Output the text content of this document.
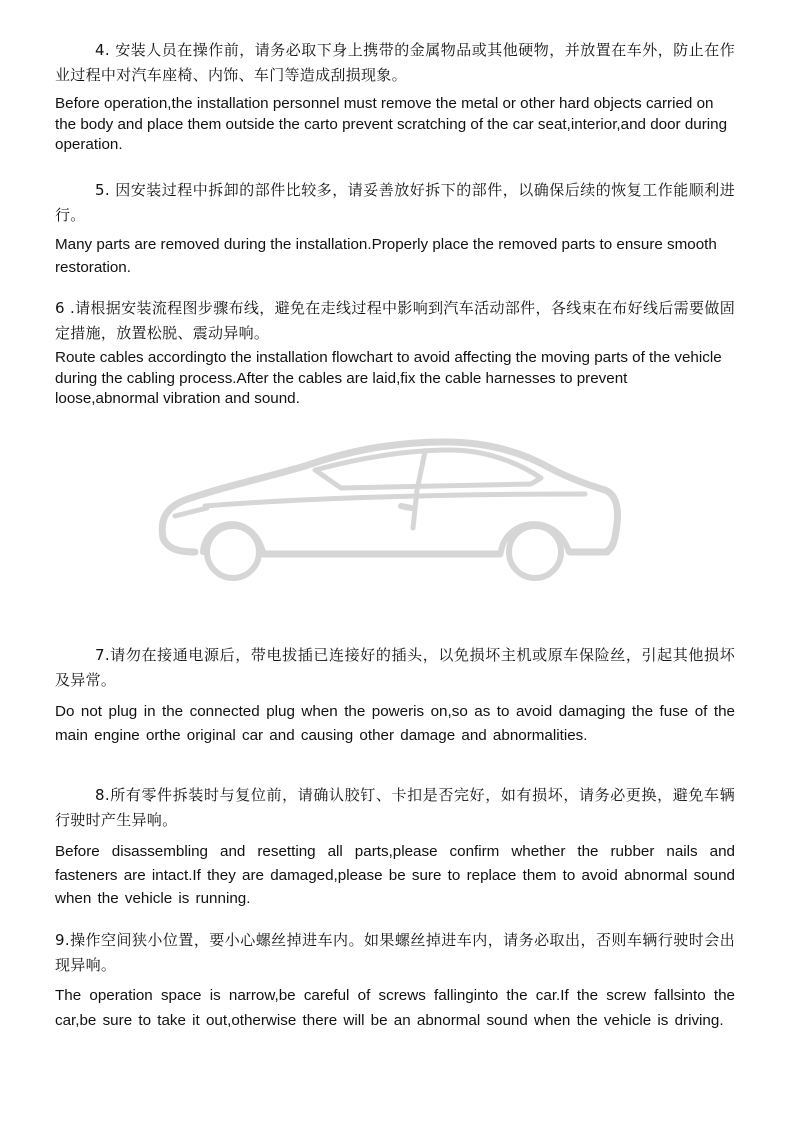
4. 安装人员在操作前，请务必取下身上携带的金属物品或其他硬物，并放置在车外，防止在作业过程中对汽车座椅、内饰、车门等造成刮损现象。

Before operation,the installation personnel must remove the metal or other hard objects carried on the body and place them outside the carto prevent scratching of the car seat,interior,and door during operation.

5. 因安装过程中拆卸的部件比较多，请妥善放好拆下的部件，以确保后续的恢复工作能顺利进行。

Many parts are removed during the installation.Properly place the removed parts to ensure smooth restoration.

6 .请根据安装流程图步骤布线，避免在走线过程中影响到汽车活动部件，各线束在布好线后需要做固定措施，放置松脱、震动异响。

Route cables accordingto the installation flowchart to avoid affecting the moving parts of the vehicle during the cabling process.After the cables are laid,fix the cable harnesses to prevent loose,abnormal vibration and sound.

7.请勿在接通电源后，带电拔插已连接好的插头，以免损坏主机或原车保险丝，引起其他损坏及异常。

Do not plug in the connected plug when the poweris on,so as to avoid damaging the fuse of the main engine orthe original car and causing other damage and abnormalities.

8.所有零件拆装时与复位前，请确认胶钉、卡扣是否完好，如有损坏，请务必更换，避免车辆行驶时产生异响。

Before disassembling and resetting all parts,please confirm whether the rubber nails and fasteners are intact.If they are damaged,please be sure to replace them to avoid abnormal sound when the vehicle is running.

9.操作空间狭小位置，要小心螺丝掉进车内。如果螺丝掉进车内，请务必取出，否则车辆行驶时会出现异响。

The operation space is narrow,be careful of screws fallinginto the car.If the screw fallsinto the car,be sure to take it out,otherwise there will be an abnormal sound when the vehicle is driving.
